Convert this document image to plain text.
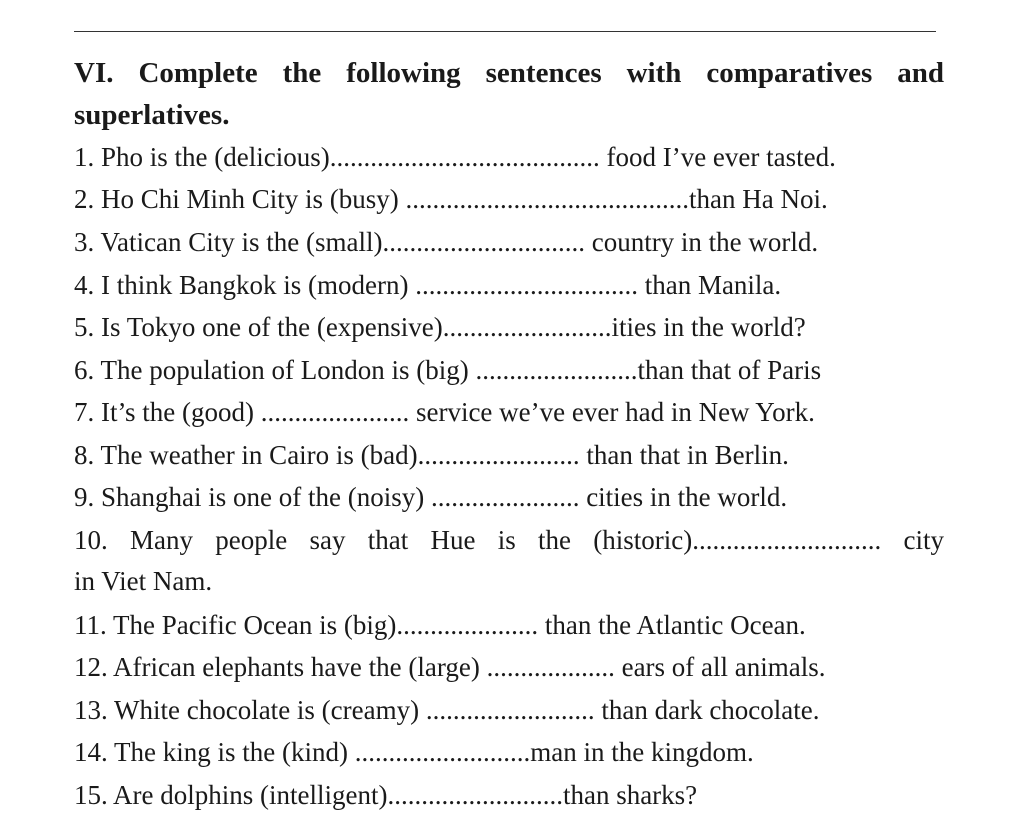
VI. Complete the following sentences with comparatives and
superlatives.
1. Pho is the (delicious)........................................ food I’ve ever tasted.
2. Ho Chi Minh City is (busy) ..........................................than Ha Noi.
3. Vatican City is the (small).............................. country in the world.
4. I think Bangkok is (modern) ................................. than Manila.
5. Is Tokyo one of the (expensive).........................ities in the world?
6. The population of London is (big) ........................than that of Paris
7. It’s the (good) ...................... service we’ve ever had in New York.
8. The weather in Cairo is (bad)........................ than that in Berlin.
9. Shanghai is one of the (noisy) ...................... cities in the world.
10. Many people say that Hue is the (historic)............................ city
in Viet Nam.
11. The Pacific Ocean is (big)..................... than the Atlantic Ocean.
12. African elephants have the (large) ................... ears of all animals.
13. White chocolate is (creamy) ......................... than dark chocolate.
14. The king is the (kind) ..........................man in the kingdom.
15. Are dolphins (intelligent)..........................than sharks?
